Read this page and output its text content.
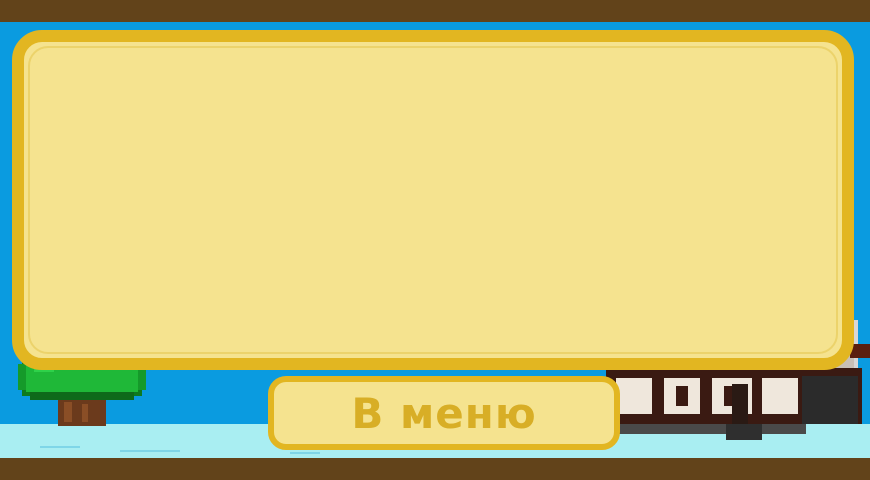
В меню
